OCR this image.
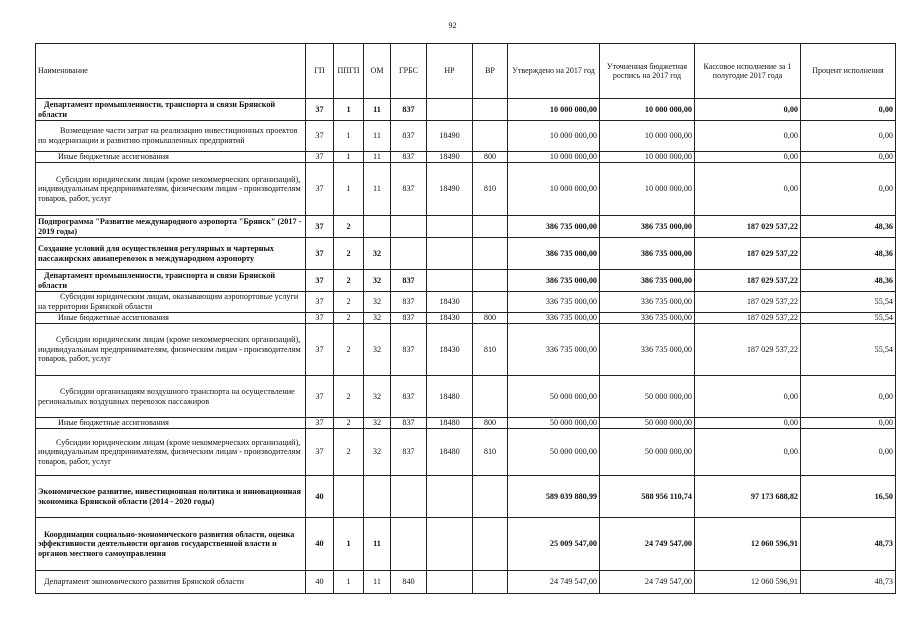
92
Наименование	ГП	ППГП	ОМ	ГРБС	НР	ВР	Утверждено на 2017 год	Уточненная бюджетная роспись на 2017 год	Кассовое исполнение за 1 полугодие 2017 года	Процент исполнения
Департамент промышленности, транспорта и связи Брянской области	37	1	11	837			10 000 000,00	10 000 000,00	0,00	0,00
Возмещение части затрат на реализацию инвестиционных проектов по модернизации и развитию промышленных предприятий	37	1	11	837	18490		10 000 000,00	10 000 000,00	0,00	0,00
Иные бюджетные ассигнования	37	1	11	837	18490	800	10 000 000,00	10 000 000,00	0,00	0,00
Субсидии юридическим лицам (кроме некоммерческих организаций), индивидуальным предпринимателям, физическим лицам - производителям товаров, работ, услуг	37	1	11	837	18490	810	10 000 000,00	10 000 000,00	0,00	0,00
Подпрограмма "Развитие международного аэропорта "Брянск" (2017 - 2019 годы)	37	2					386 735 000,00	386 735 000,00	187 029 537,22	48,36
Создание условий для осуществления регулярных и чартерных пассажирских авиаперевозок в международном аэропорту	37	2	32				386 735 000,00	386 735 000,00	187 029 537,22	48,36
Департамент промышленности, транспорта и связи Брянской области	37	2	32	837			386 735 000,00	386 735 000,00	187 029 537,22	48,36
Субсидии юридическим лицам, оказывающим аэропортовые услуги на территории Брянской области	37	2	32	837	18430		336 735 000,00	336 735 000,00	187 029 537,22	55,54
Иные бюджетные ассигнования	37	2	32	837	18430	800	336 735 000,00	336 735 000,00	187 029 537,22	55,54
Субсидии юридическим лицам (кроме некоммерческих организаций), индивидуальным предпринимателям, физическим лицам - производителям товаров, работ, услуг	37	2	32	837	18430	810	336 735 000,00	336 735 000,00	187 029 537,22	55,54
Субсидии организациям воздушного транспорта на осуществление региональных воздушных перевозок пассажиров	37	2	32	837	18480		50 000 000,00	50 000 000,00	0,00	0,00
Иные бюджетные ассигнования	37	2	32	837	18480	800	50 000 000,00	50 000 000,00	0,00	0,00
Субсидии юридическим лицам (кроме некоммерческих организаций), индивидуальным предпринимателям, физическим лицам - производителям товаров, работ, услуг	37	2	32	837	18480	810	50 000 000,00	50 000 000,00	0,00	0,00
Экономическое развитие, инвестиционная политика и инновационная экономика Брянской области (2014 - 2020 годы)	40						589 039 880,99	588 956 110,74	97 173 688,82	16,50
Координация социально-экономического развития области, оценка эффективности деятельности органов государственной власти и органов местного самоуправления	40	1	11				25 009 547,00	24 749 547,00	12 060 596,91	48,73
Департамент экономического развития Брянской области	40	1	11	840			24 749 547,00	24 749 547,00	12 060 596,91	48,73
